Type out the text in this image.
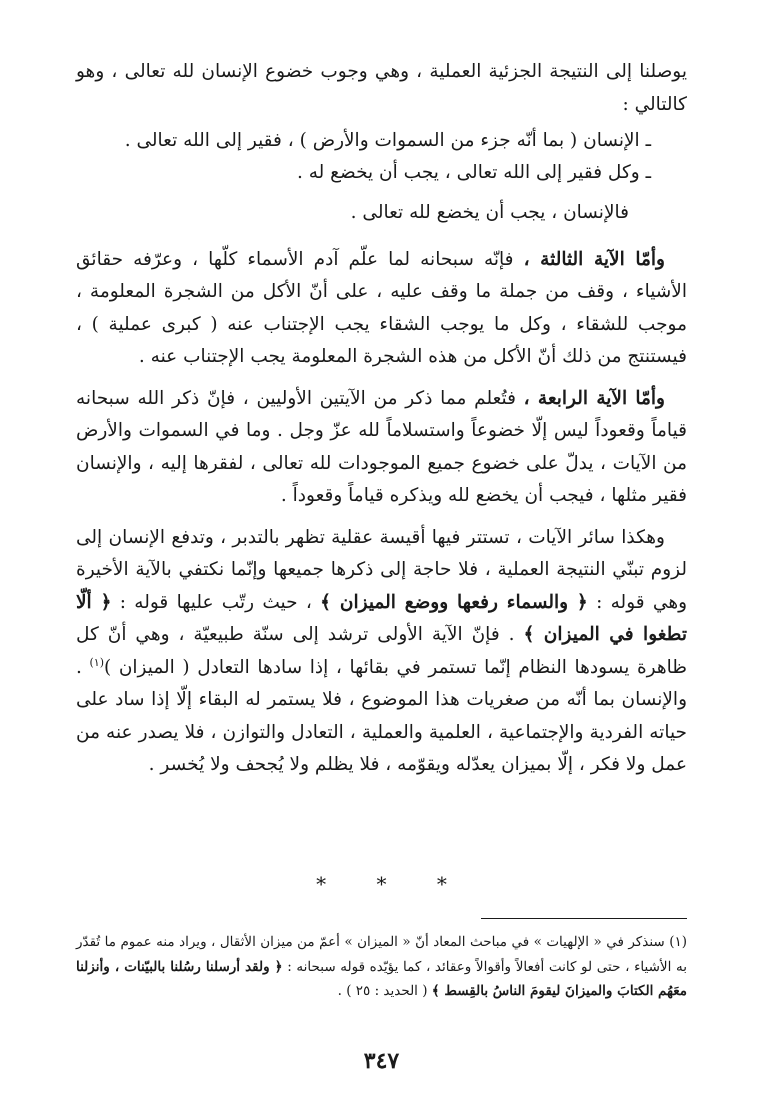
يوصلنا إلى النتيجة الجزئية العملية ، وهي وجوب خضوع الإنسان لله تعالى ، وهو كالتالي :

ـ الإنسان ( بما أنّه جزء من السموات والأرض ) ، فقير إلى الله تعالى .
ـ وكل فقير إلى الله تعالى ، يجب أن يخضع له .

فالإنسان ، يجب أن يخضع لله تعالى .

وأمّا الآية الثالثة ، فإنّه سبحانه لما علّم آدم الأسماء كلّها ، وعرّفه حقائق الأشياء ، وقف من جملة ما وقف عليه ، على أنّ الأكل من الشجرة المعلومة ، موجب للشقاء ، وكل ما يوجب الشقاء يجب الإجتناب عنه ( كبرى عملية ) ، فيستنتج من ذلك أنّ الأكل من هذه الشجرة المعلومة يجب الإجتناب عنه .

وأمّا الآية الرابعة ، فتُعلم مما ذكر من الآيتين الأوليين ، فإنّ ذكر الله سبحانه قياماً وقعوداً ليس إلّا خضوعاً واستسلاماً لله عزّ وجل . وما في السموات والأرض من الآيات ، يدلّ على خضوع جميع الموجودات لله تعالى ، لفقرها إليه ، والإنسان فقير مثلها ، فيجب أن يخضع لله ويذكره قياماً وقعوداً .

وهكذا سائر الآيات ، تستتر فيها أقيسة عقلية تظهر بالتدبر ، وتدفع الإنسان إلى لزوم تبنّي النتيجة العملية ، فلا حاجة إلى ذكرها جميعها وإنّما نكتفي بالآية الأخيرة وهي قوله : ﴿ والسماء رفعها ووضع الميزان ﴾ ، حيث رتّب عليها قوله : ﴿ ألّا تطغوا في الميزان ﴾ . فإنّ الآية الأولى ترشد إلى سنّة طبيعيّة ، وهي أنّ كل ظاهرة يسودها النظام إنّما تستمر في بقائها ، إذا سادها التعادل ( الميزان )$^{(١)}$ . والإنسان بما أنّه من صغريات هذا الموضوع ، فلا يستمر له البقاء إلّا إذا ساد على حياته الفردية والإجتماعية ، العلمية والعملية ، التعادل والتوازن ، فلا يصدر عنه من عمل ولا فكر ، إلّا بميزان يعدّله ويقوّمه ، فلا يظلم ولا يُجحف ولا يُخسر .

* * *
(١) سنذكر في « الإلهيات » في مباحث المعاد أنّ « الميزان » أعمّ من ميزان الأثقال ، ويراد منه عموم ما تُقدّر به الأشياء ، حتى لو كانت أفعالاً وأقوالاً وعقائد ، كما يؤيّده قوله سبحانه : ﴿ ولقد أرسلنا رسُلنا بالبيّنات ، وأنزلنا معَهُم الكتابَ والميزانَ ليقومَ الناسُ بالقِسط ﴾ ( الحديد : ٢٥ ) .
٣٤٧
